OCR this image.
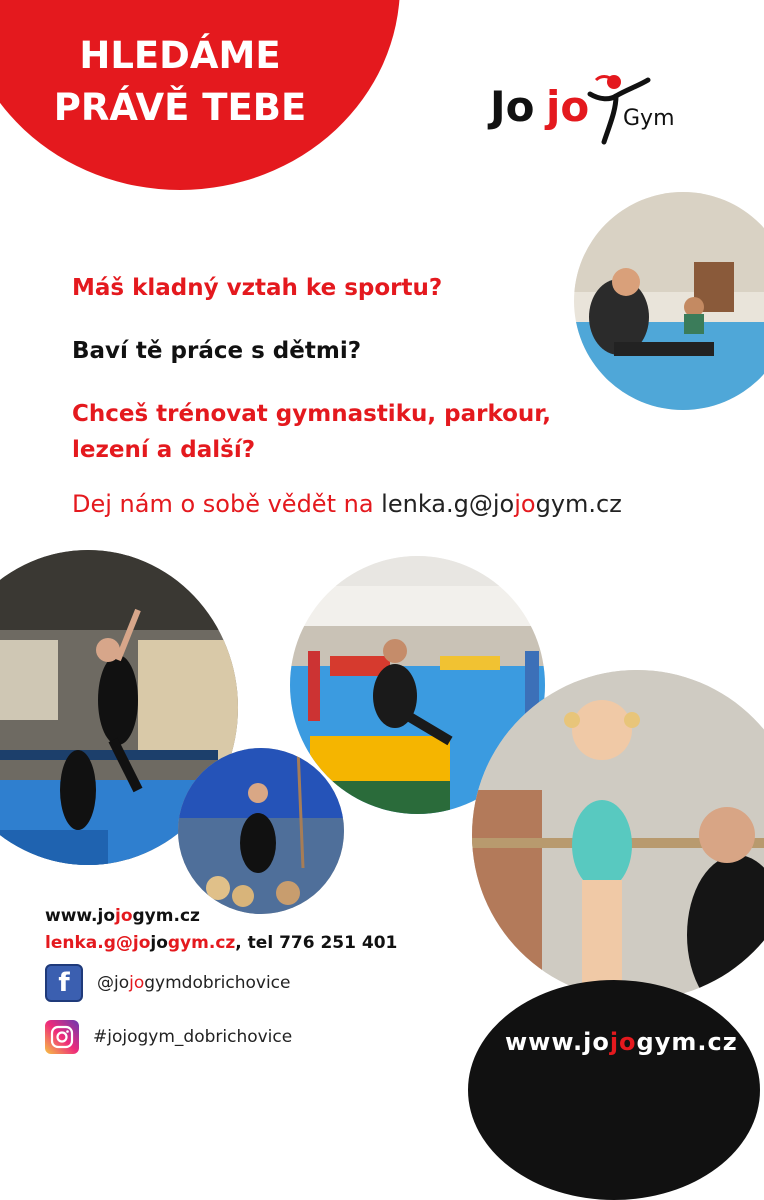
HLEDÁME
PRÁVĚ TEBE	Jo jo Gym
Máš kladný vztah ke sportu?
Baví tě práce s dětmi?
Chceš trénovat gymnastiku, parkour, lezení a další?
Dej nám o sobě vědět na lenka.g@jojogym.cz
www.jojogym.cz
www.jojogym.cz
lenka.g@jojogym.cz, tel 776 251 401
f	@jojogymdobrichovice
#jojogym_dobrichovice
